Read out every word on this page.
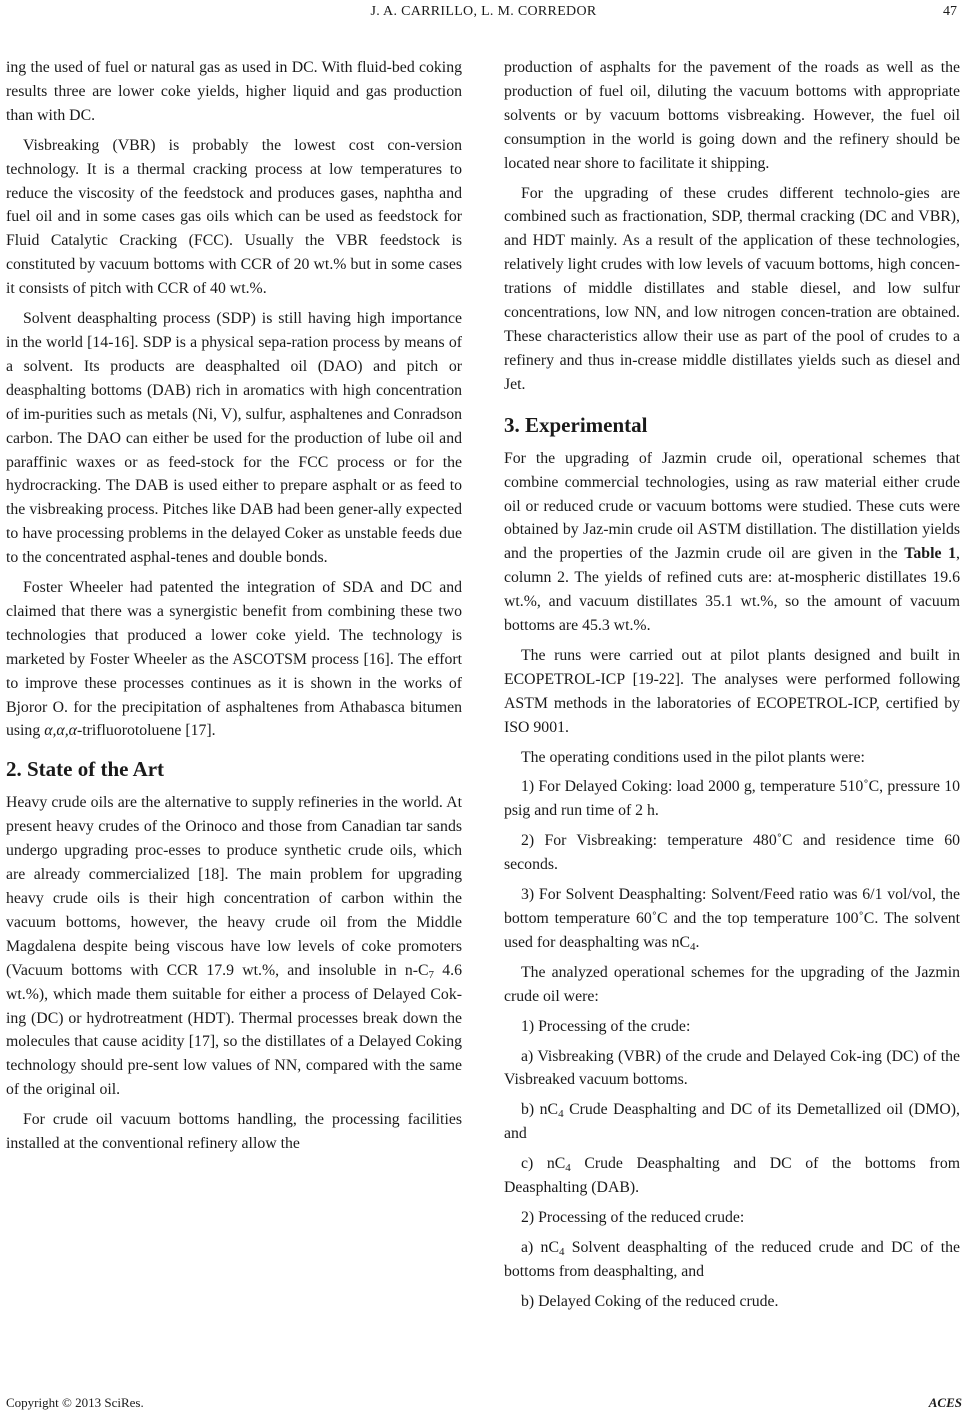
J. A. CARRILLO, L. M. CORREDOR	47

ing the used of fuel or natural gas as used in DC. With fluid-bed coking results three are lower coke yields, higher liquid and gas production than with DC.

Visbreaking (VBR) is probably the lowest cost con-version technology. It is a thermal cracking process at low temperatures to reduce the viscosity of the feedstock and produces gases, naphtha and fuel oil and in some cases gas oils which can be used as feedstock for Fluid Catalytic Cracking (FCC). Usually the VBR feedstock is constituted by vacuum bottoms with CCR of 20 wt.% but in some cases it consists of pitch with CCR of 40 wt.%.

Solvent deasphalting process (SDP) is still having high importance in the world [14-16]. SDP is a physical sepa-ration process by means of a solvent. Its products are deasphalted oil (DAO) and pitch or deasphalting bottoms (DAB) rich in aromatics with high concentration of im-purities such as metals (Ni, V), sulfur, asphaltenes and Conradson carbon. The DAO can either be used for the production of lube oil and paraffinic waxes or as feed-stock for the FCC process or for the hydrocracking. The DAB is used either to prepare asphalt or as feed to the visbreaking process. Pitches like DAB had been gener-ally expected to have processing problems in the delayed Coker as unstable feeds due to the concentrated asphal-tenes and double bonds.

Foster Wheeler had patented the integration of SDA and DC and claimed that there was a synergistic benefit from combining these two technologies that produced a lower coke yield. The technology is marketed by Foster Wheeler as the ASCOTSM process [16]. The effort to improve these processes continues as it is shown in the works of Bjoror O. for the precipitation of asphaltenes from Athabasca bitumen using α,α,α-trifluorotoluene [17].

2. State of the Art

Heavy crude oils are the alternative to supply refineries in the world. At present heavy crudes of the Orinoco and those from Canadian tar sands undergo upgrading proc-esses to produce synthetic crude oils, which are already commercialized [18]. The main problem for upgrading heavy crude oils is their high concentration of carbon within the vacuum bottoms, however, the heavy crude oil from the Middle Magdalena despite being viscous have low levels of coke promoters (Vacuum bottoms with CCR 17.9 wt.%, and insoluble in $n-C_7$ 4.6 wt.%), which made them suitable for either a process of Delayed Cok-ing (DC) or hydrotreatment (HDT). Thermal processes break down the molecules that cause acidity [17], so the distillates of a Delayed Coking technology should pre-sent low values of NN, compared with the same of the original oil.

For crude oil vacuum bottoms handling, the processing facilities installed at the conventional refinery allow the

production of asphalts for the pavement of the roads as well as the production of fuel oil, diluting the vacuum bottoms with appropriate solvents or by vacuum bottoms visbreaking. However, the fuel oil consumption in the world is going down and the refinery should be located near shore to facilitate it shipping.

For the upgrading of these crudes different technolo-gies are combined such as fractionation, SDP, thermal cracking (DC and VBR), and HDT mainly. As a result of the application of these technologies, relatively light crudes with low levels of vacuum bottoms, high concen-trations of middle distillates and stable diesel, and low sulfur concentrations, low NN, and low nitrogen concen-tration are obtained. These characteristics allow their use as part of the pool of crudes to a refinery and thus in-crease middle distillates yields such as diesel and Jet.

3. Experimental

For the upgrading of Jazmin crude oil, operational schemes that combine commercial technologies, using as raw material either crude oil or reduced crude or vacuum bottoms were studied. These cuts were obtained by Jaz-min crude oil ASTM distillation. The distillation yields and the properties of the Jazmin crude oil are given in the Table 1, column 2. The yields of refined cuts are: at-mospheric distillates 19.6 wt.%, and vacuum distillates 35.1 wt.%, so the amount of vacuum bottoms are 45.3 wt.%.

The runs were carried out at pilot plants designed and built in ECOPETROL-ICP [19-22]. The analyses were performed following ASTM methods in the laboratories of ECOPETROL-ICP, certified by ISO 9001.

The operating conditions used in the pilot plants were:

1) For Delayed Coking: load 2000 g, temperature 510˚C, pressure 10 psig and run time of 2 h.

2) For Visbreaking: temperature 480˚C and residence time 60 seconds.

3) For Solvent Deasphalting: Solvent/Feed ratio was 6/1 vol/vol, the bottom temperature 60˚C and the top temperature 100˚C. The solvent used for deasphalting was $nC_4$.

The analyzed operational schemes for the upgrading of the Jazmin crude oil were:

1) Processing of the crude:

a) Visbreaking (VBR) of the crude and Delayed Cok-ing (DC) of the Visbreaked vacuum bottoms.

b) $nC_4$ Crude Deasphalting and DC of its Demetallized oil (DMO), and

c) $nC_4$ Crude Deasphalting and DC of the bottoms from Deasphalting (DAB).

2) Processing of the reduced crude:

a) $nC_4$ Solvent deasphalting of the reduced crude and DC of the bottoms from deasphalting, and

b) Delayed Coking of the reduced crude.

Copyright © 2013 SciRes.	ACES
